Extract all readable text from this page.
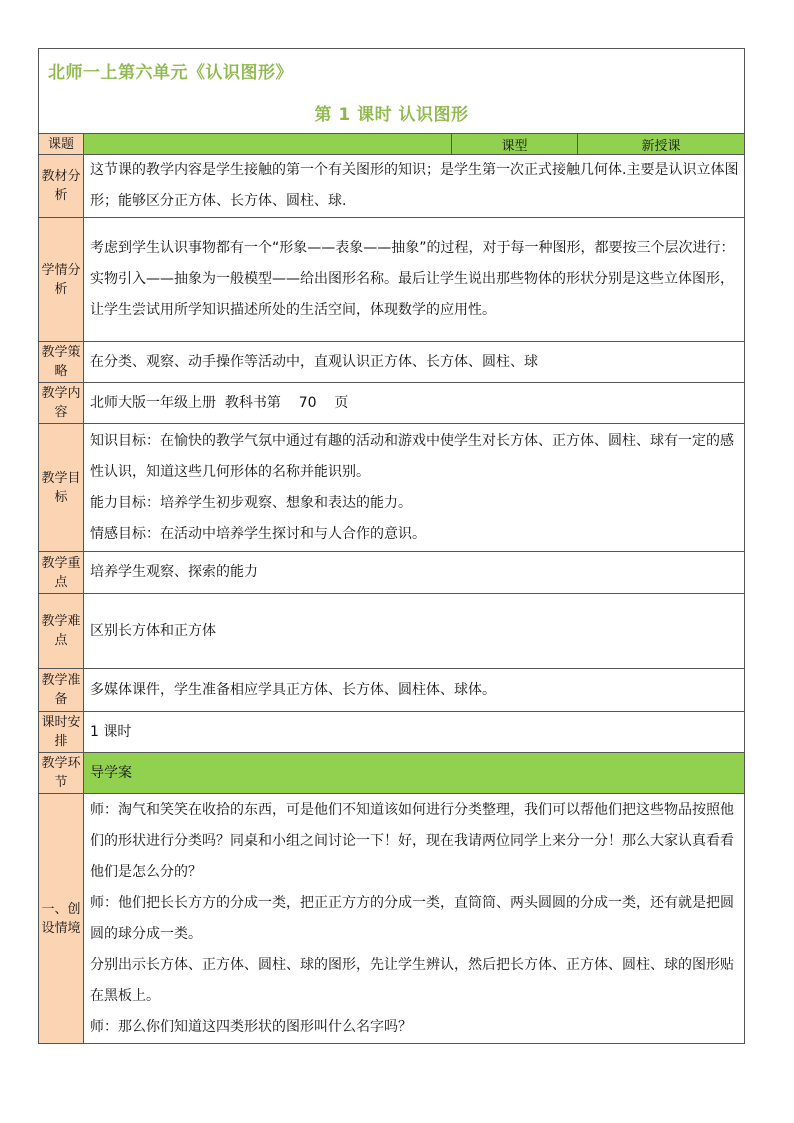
北师一上第六单元《认识图形》
第 1 课时 认识图形			

课题		课型	新授课
教材分析	这节课的教学内容是学生接触的第一个有关图形的知识；是学生第一次正式接触几何体.主要是认识立体图形；能够区分正方体、长方体、圆柱、球.		

学情分析	考虑到学生认识事物都有一个“形象——表象——抽象”的过程，对于每一种图形，都要按三个层次进行：实物引入——抽象为一般模型——给出图形名称。最后让学生说出那些物体的形状分别是这些立体图形，让学生尝试用所学知识描述所处的生活空间，体现数学的应用性。		

教学策略	在分类、观察、动手操作等活动中，直观认识正方体、长方体、圆柱、球		

教学内容	北师大版一年级上册  教科书第    70    页		

教学目标	知识目标：在愉快的教学气氛中通过有趣的活动和游戏中使学生对长方体、正方体、圆柱、球有一定的感性认识，知道这些几何形体的名称并能识别。

能力目标：培养学生初步观察、想象和表达的能力。

情感目标：在活动中培养学生探讨和与人合作的意识。		

教学重点	培养学生观察、探索的能力		

教学难点	区别长方体和正方体		

教学准备	多媒体课件，学生准备相应学具正方体、长方体、圆柱体、球体。		

课时安排	1 课时		

教学环节	导学案		

一、创设情境	师：淘气和笑笑在收拾的东西，可是他们不知道该如何进行分类整理，我们可以帮他们把这些物品按照他们的形状进行分类吗？同桌和小组之间讨论一下！好，现在我请两位同学上来分一分！那么大家认真看看他们是怎么分的？

师：他们把长长方方的分成一类，把正正方方的分成一类，直筒筒、两头圆圆的分成一类，还有就是把圆圆的球分成一类。

分别出示长方体、正方体、圆柱、球的图形，先让学生辨认，然后把长方体、正方体、圆柱、球的图形贴在黑板上。

师：那么你们知道这四类形状的图形叫什么名字吗？		
